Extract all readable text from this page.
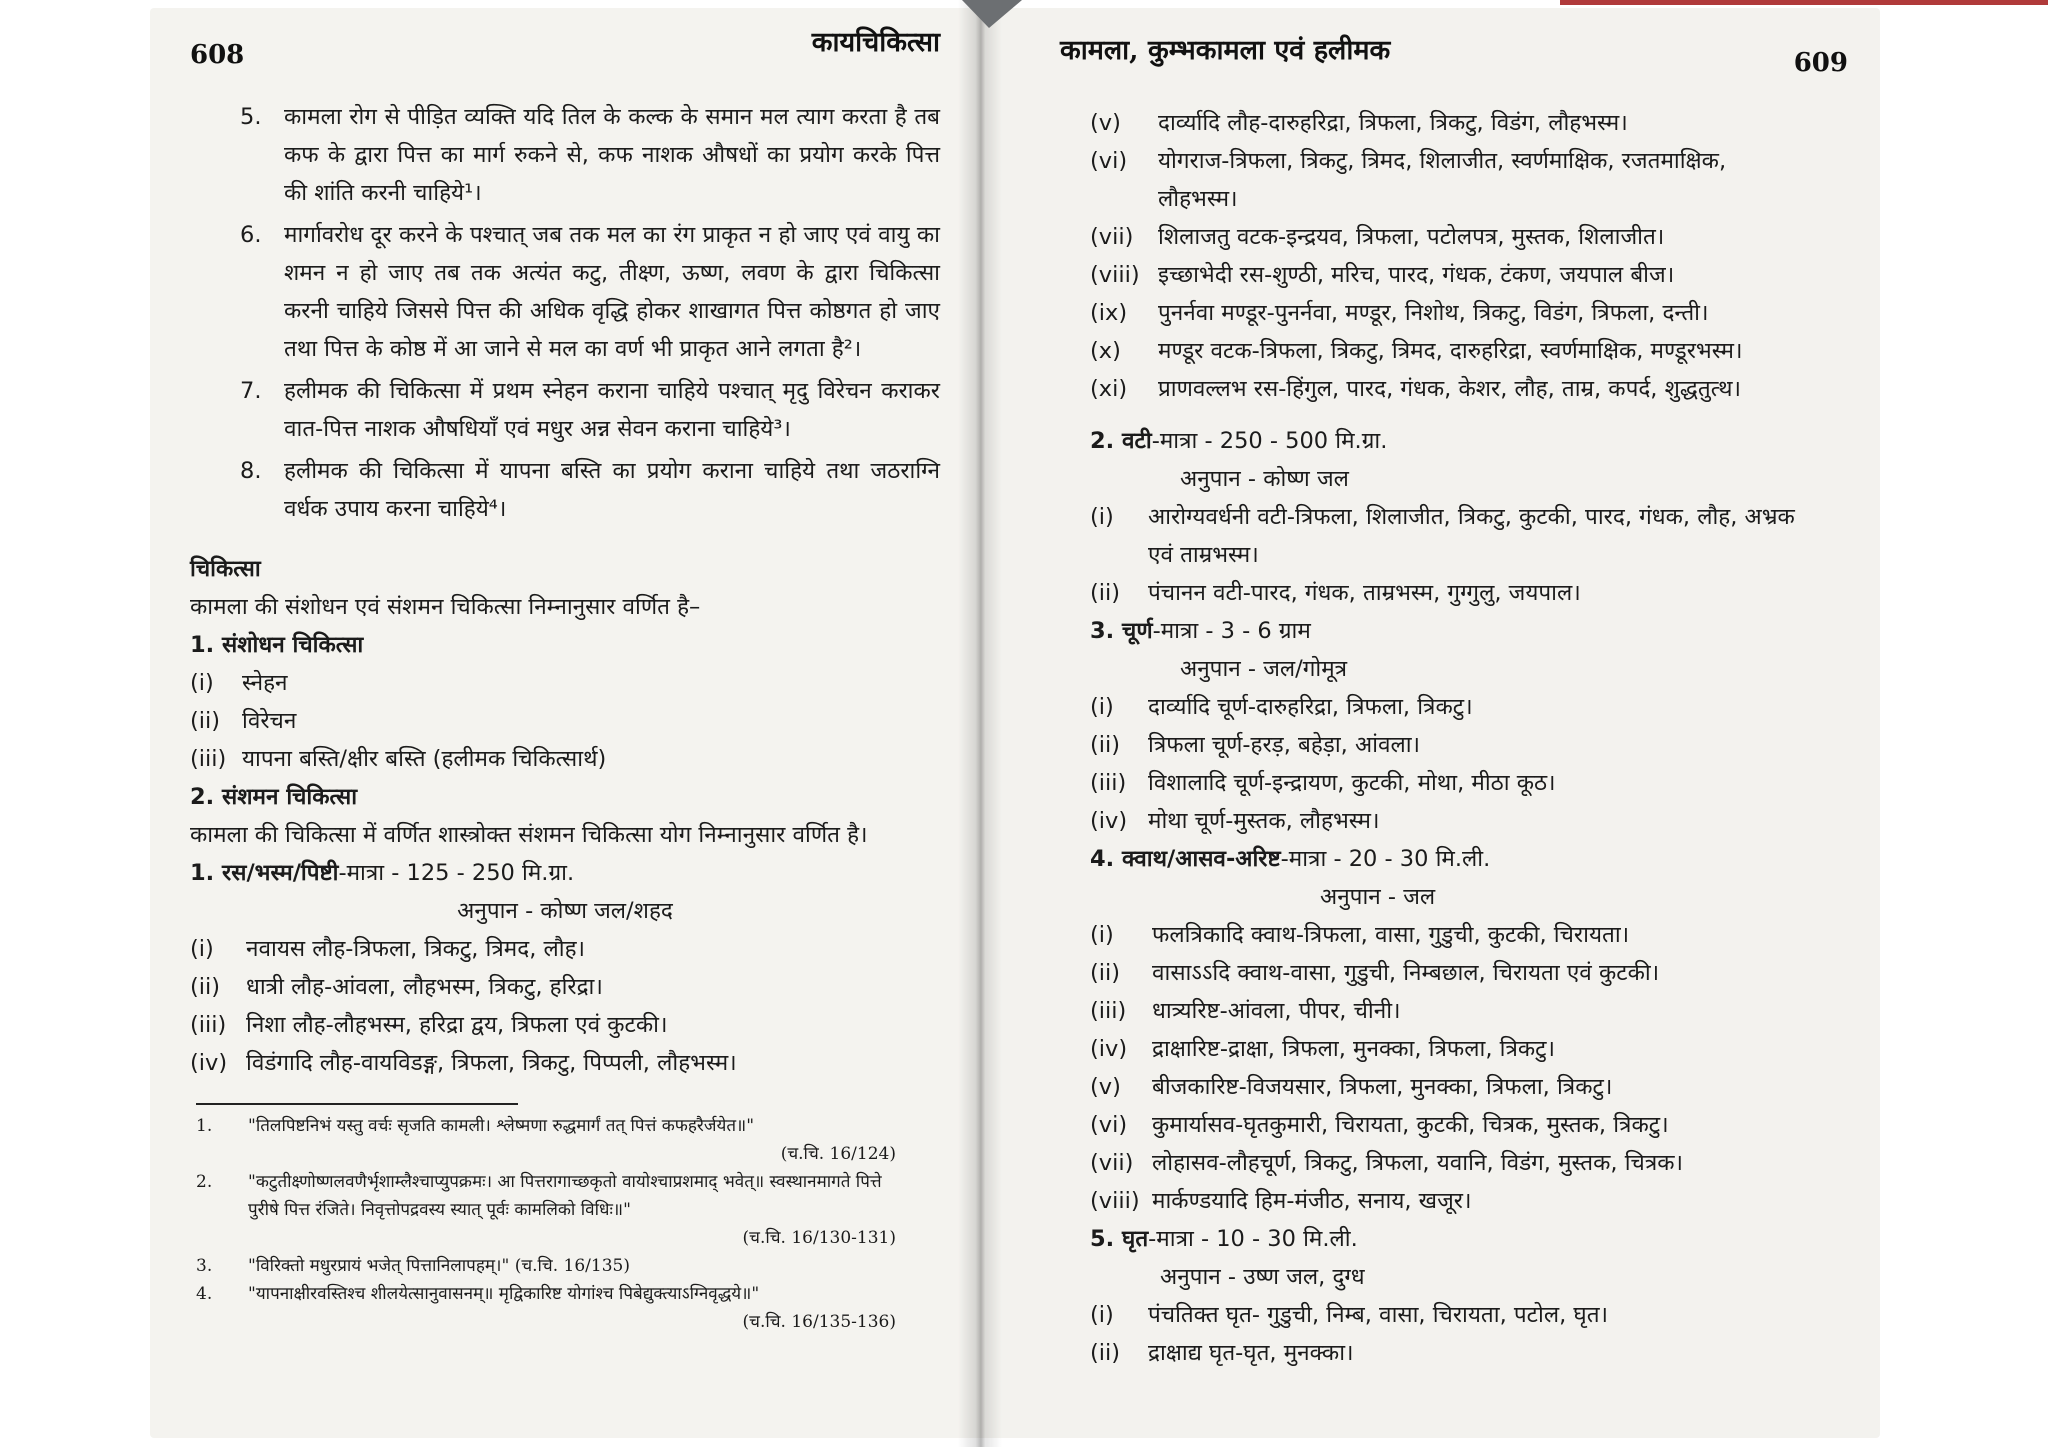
608	कायचिकित्सा
5.	कामला रोग से पीड़ित व्यक्ति यदि तिल के कल्क के समान मल त्याग करता है तब कफ के द्वारा पित्त का मार्ग रुकने से, कफ नाशक औषधों का प्रयोग करके पित्त की शांति करनी चाहिये¹।
6.	मार्गावरोध दूर करने के पश्चात् जब तक मल का रंग प्राकृत न हो जाए एवं वायु का शमन न हो जाए तब तक अत्यंत कटु, तीक्ष्ण, ऊष्ण, लवण के द्वारा चिकित्सा करनी चाहिये जिससे पित्त की अधिक वृद्धि होकर शाखागत पित्त कोष्ठगत हो जाए तथा पित्त के कोष्ठ में आ जाने से मल का वर्ण भी प्राकृत आने लगता है²।
7.	हलीमक की चिकित्सा में प्रथम स्नेहन कराना चाहिये पश्चात् मृदु विरेचन कराकर वात-पित्त नाशक औषधियाँ एवं मधुर अन्न सेवन कराना चाहिये³।
8.	हलीमक की चिकित्सा में यापना बस्ति का प्रयोग कराना चाहिये तथा जठराग्नि वर्धक उपाय करना चाहिये⁴।

चिकित्सा

कामला की संशोधन एवं संशमन चिकित्सा निम्नानुसार वर्णित है–

1. संशोधन चिकित्सा

(i)	स्नेहन
(ii) विरेचन
(iii) यापना बस्ति/क्षीर बस्ति (हलीमक चिकित्सार्थ)

2. संशमन चिकित्सा

कामला की चिकित्सा में वर्णित शास्त्रोक्त संशमन चिकित्सा योग निम्नानुसार वर्णित है।

1. रस/भस्म/पिष्टी-मात्रा - 125 - 250 मि.ग्रा.

अनुपान - कोष्ण जल/शहद

(i)	नवायस लौह-त्रिफला, त्रिकटु, त्रिमद, लौह।
(ii)	धात्री लौह-आंवला, लौहभस्म, त्रिकटु, हरिद्रा।
(iii) निशा लौह-लौहभस्म, हरिद्रा द्वय, त्रिफला एवं कुटकी।
(iv) विडंगादि लौह-वायविडङ्ग, त्रिफला, त्रिकटु, पिप्पली, लौहभस्म।
1.	"तिलपिष्टनिभं यस्तु वर्चः सृजति कामली। श्लेष्मणा रुद्धमार्गं तत् पित्तं कफहरैर्जयेत॥"
(च.चि. 16/124)
2.	"कटुतीक्ष्णोष्णलवणैर्भृशाम्लैश्चाप्युपक्रमः। आ पित्तरागाच्छकृतो वायोश्चाप्रशमाद् भवेत्॥ स्वस्थानमागते पित्ते पुरीषे पित्त रंजिते। निवृत्तोपद्रवस्य स्यात् पूर्वः कामलिको विधिः॥"
(च.चि. 16/130-131)
3.	"विरिक्तो मधुरप्रायं भजेत् पित्तानिलापहम्।" (च.चि. 16/135)
4.	"यापनाक्षीरवस्तिश्च शीलयेत्सानुवासनम्॥ मृद्विकारिष्ट योगांश्च पिबेद्युक्त्याऽग्निवृद्धये॥"
(च.चि. 16/135-136)
कामला, कुम्भकामला एवं हलीमक	609
(v)	दार्व्यादि लौह-दारुहरिद्रा, त्रिफला, त्रिकटु, विडंग, लौहभस्म।
(vi)	योगराज-त्रिफला, त्रिकटु, त्रिमद, शिलाजीत, स्वर्णमाक्षिक, रजतमाक्षिक, लौहभस्म।
(vii)	शिलाजतु वटक-इन्द्रयव, त्रिफला, पटोलपत्र, मुस्तक, शिलाजीत।
(viii) इच्छाभेदी रस-शुण्ठी, मरिच, पारद, गंधक, टंकण, जयपाल बीज।
(ix)	पुनर्नवा मण्डूर-पुनर्नवा, मण्डूर, निशोथ, त्रिकटु, विडंग, त्रिफला, दन्ती।
(x)	मण्डूर वटक-त्रिफला, त्रिकटु, त्रिमद, दारुहरिद्रा, स्वर्णमाक्षिक, मण्डूरभस्म।
(xi)	प्राणवल्लभ रस-हिंगुल, पारद, गंधक, केशर, लौह, ताम्र, कपर्द, शुद्धतुत्थ।

2. वटी-मात्रा - 250 - 500 मि.ग्रा.

अनुपान - कोष्ण जल

(i)	आरोग्यवर्धनी वटी-त्रिफला, शिलाजीत, त्रिकटु, कुटकी, पारद, गंधक, लौह, अभ्रक एवं ताम्रभस्म।
(ii)	पंचानन वटी-पारद, गंधक, ताम्रभस्म, गुग्गुलु, जयपाल।

3. चूर्ण-मात्रा - 3 - 6 ग्राम

अनुपान - जल/गोमूत्र

(i)	दार्व्यादि चूर्ण-दारुहरिद्रा, त्रिफला, त्रिकटु।
(ii)	त्रिफला चूर्ण-हरड़, बहेड़ा, आंवला।
(iii) विशालादि चूर्ण-इन्द्रायण, कुटकी, मोथा, मीठा कूठ।
(iv) मोथा चूर्ण-मुस्तक, लौहभस्म।

4. क्वाथ/आसव-अरिष्ट-मात्रा - 20 - 30 मि.ली.

अनुपान - जल

(i)	फलत्रिकादि क्वाथ-त्रिफला, वासा, गुडुची, कुटकी, चिरायता।
(ii)	वासाऽऽदि क्वाथ-वासा, गुडुची, निम्बछाल, चिरायता एवं कुटकी।
(iii)	धात्र्यरिष्ट-आंवला, पीपर, चीनी।
(iv)	द्राक्षारिष्ट-द्राक्षा, त्रिफला, मुनक्का, त्रिफला, त्रिकटु।
(v)	बीजकारिष्ट-विजयसार, त्रिफला, मुनक्का, त्रिफला, त्रिकटु।
(vi)	कुमार्यासव-घृतकुमारी, चिरायता, कुटकी, चित्रक, मुस्तक, त्रिकटु।
(vii) लोहासव-लौहचूर्ण, त्रिकटु, त्रिफला, यवानि, विडंग, मुस्तक, चित्रक।
(viii) मार्कण्डयादि हिम-मंजीठ, सनाय, खजूर।

5. घृत-मात्रा - 10 - 30 मि.ली.

अनुपान - उष्ण जल, दुग्ध

(i)	पंचतिक्त घृत- गुडुची, निम्ब, वासा, चिरायता, पटोल, घृत।
(ii)	द्राक्षाद्य घृत-घृत, मुनक्का।
